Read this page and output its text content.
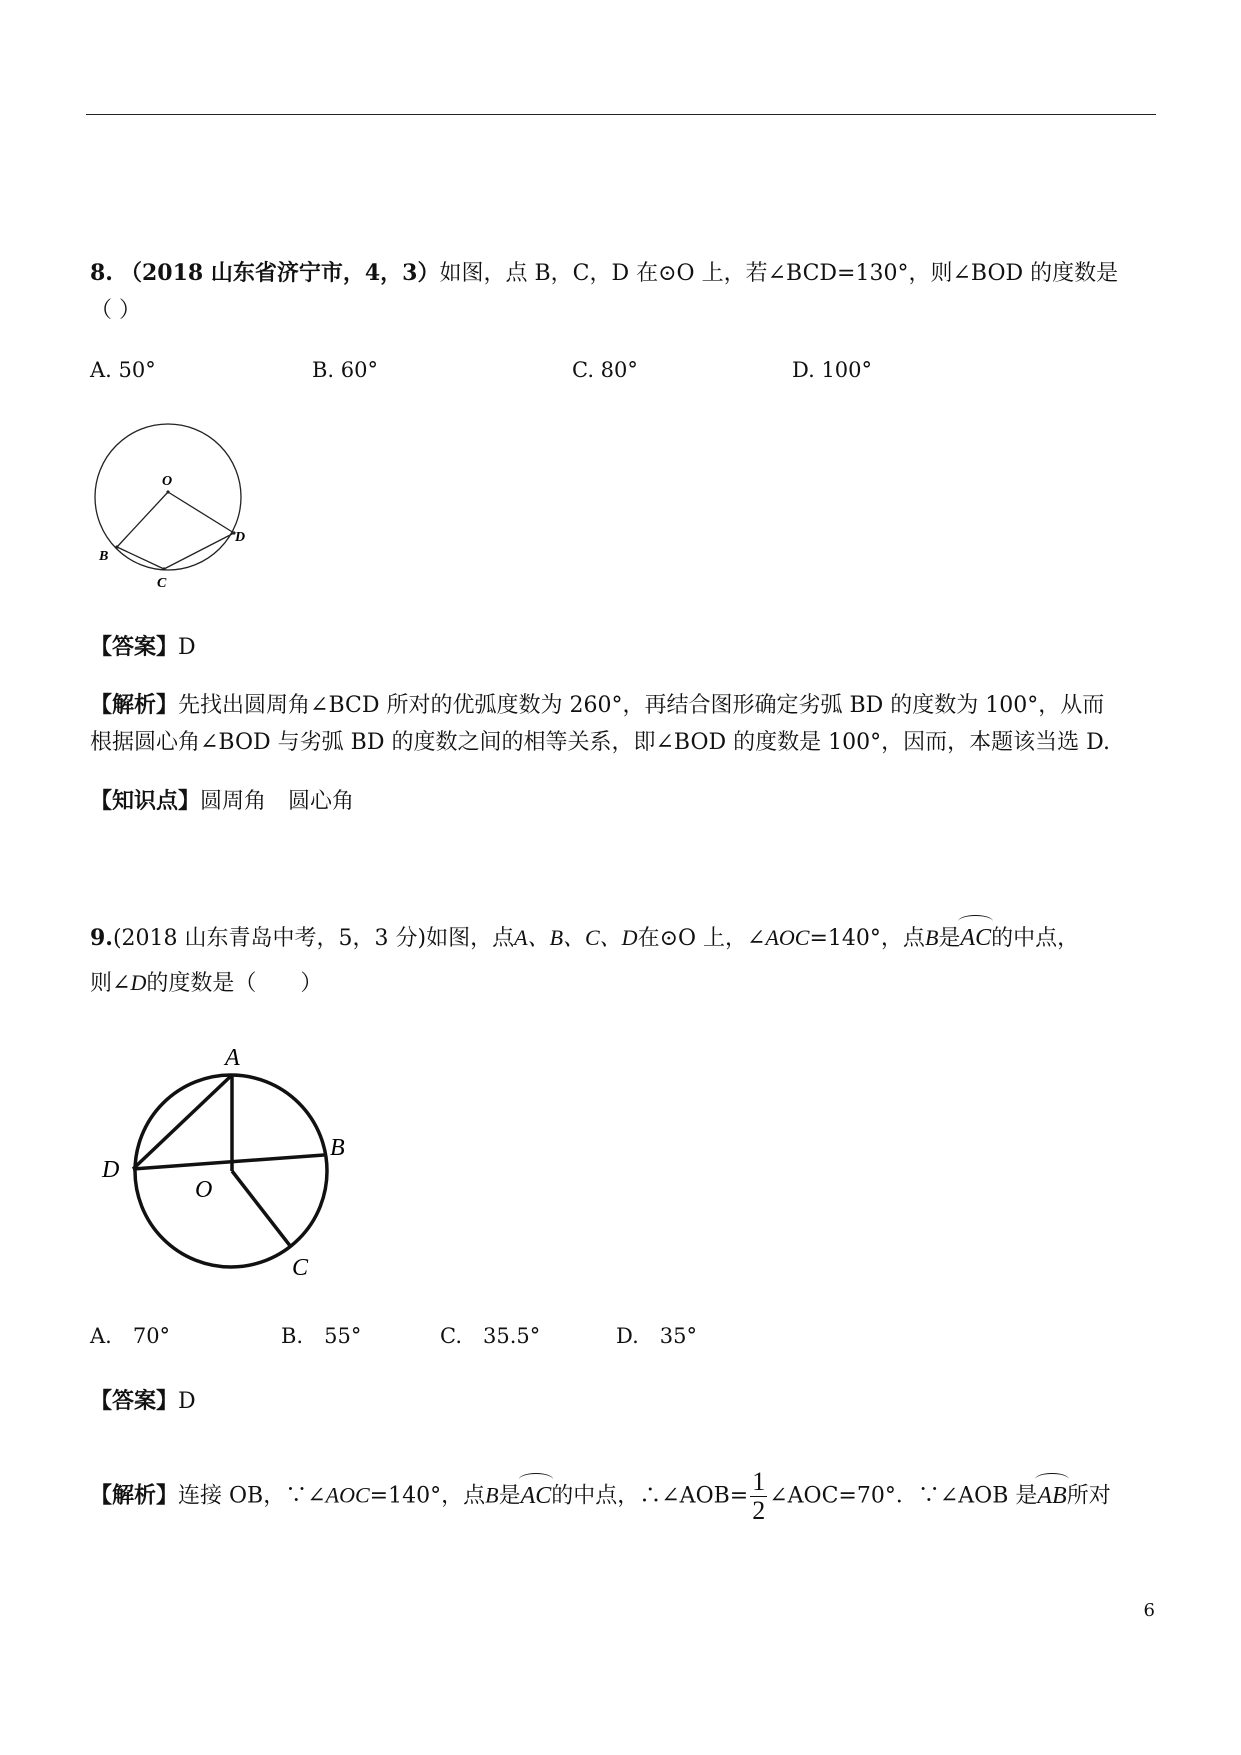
8. （2018 山东省济宁市，4，3）如图，点 B，C，D 在⊙O 上，若∠BCD=130°，则∠BOD 的度数是
（ ）
A. 50°	B. 60°	C. 80°	D. 100°
O
B
C
D
【答案】D
【解析】先找出圆周角∠BCD 所对的优弧度数为 260°，再结合图形确定劣弧 BD 的度数为 100°，从而
根据圆心角∠BOD 与劣弧 BD 的度数之间的相等关系，即∠BOD 的度数是 100°，因而，本题该当选 D.
【知识点】圆周角　圆心角
9.(2018 山东青岛中考，5，3 分)如图，点A、B、C、D在⊙O 上，∠AOC=140°，点B是AC的中点，
则∠D的度数是（　　）
A
B
C
D
O
A.　70°	B.　55°	C.　35.5°	D.　35°
【答案】D
【解析】连接 OB，∵∠AOC=140°，点B是AC的中点，∴∠AOB= $\frac{1}{2}$ ∠AOC=70°．∵∠AOB 是AB所对
6
